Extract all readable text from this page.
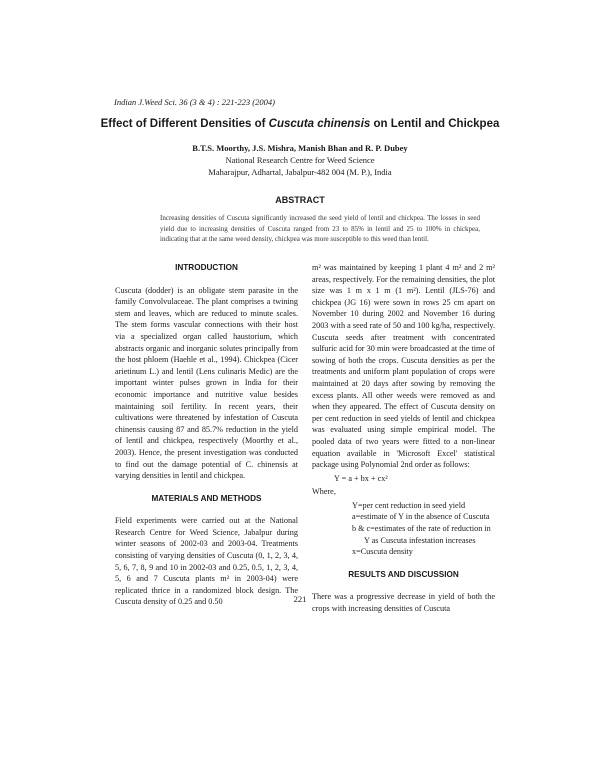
Indian J.Weed Sci. 36 (3 & 4) : 221-223 (2004)
Effect of Different Densities of Cuscuta chinensis on Lentil and Chickpea
B.T.S. Moorthy, J.S. Mishra, Manish Bhan and R. P. Dubey
National Research Centre for Weed Science
Maharajpur, Adhartal, Jabalpur-482 004 (M. P.), India
ABSTRACT
Increasing densities of Cuscuta significantly increased the seed yield of lentil and chickpea. The losses in seed yield due to increasing densities of Cuscuta ranged from 23 to 85% in lentil and 25 to 100% in chickpea, indicating that at the same weed density, chickpea was more susceptible to this weed than lentil.
INTRODUCTION

Cuscuta (dodder) is an obligate stem parasite in the family Convolvulaceae. The plant comprises a twining stem and leaves, which are reduced to minute scales. The stem forms vascular connections with their host via a specialized organ called haustorium, which abstracts organic and inorganic solutes principally from the host phloem (Haehle et al., 1994). Chickpea (Cicer arietinum L.) and lentil (Lens culinaris Medic) are the important winter pulses grown in India for their economic importance and nutritive value besides maintaining soil fertility. In recent years, their cultivations were threatened by infestation of Cuscuta chinensis causing 87 and 85.7% reduction in the yield of lentil and chickpea, respectively (Moorthy et al., 2003). Hence, the present investigation was conducted to find out the damage potential of C. chinensis at varying densities in lentil and chickpea.

MATERIALS AND METHODS

Field experiments were carried out at the National Research Centre for Weed Science, Jabalpur during winter seasons of 2002-03 and 2003-04. Treatments consisting of varying densities of Cuscuta (0, 1, 2, 3, 4, 5, 6, 7, 8, 9 and 10 in 2002-03 and 0.25, 0.5, 1, 2, 3, 4, 5, 6 and 7 Cuscuta plants m² in 2003-04) were replicated thrice in a randomized block design. The Cuscuta density of 0.25 and 0.50

m² was maintained by keeping 1 plant 4 m² and 2 m² areas, respectively. For the remaining densities, the plot size was 1 m x 1 m (1 m²). Lentil (JLS-76) and chickpea (JG 16) were sown in rows 25 cm apart on November 10 during 2002 and November 16 during 2003 with a seed rate of 50 and 100 kg/ha, respectively. Cuscuta seeds after treatment with concentrated sulfuric acid for 30 min were broadcasted at the time of sowing of both the crops. Cuscuta densities as per the treatments and uniform plant population of crops were maintained at 20 days after sowing by removing the excess plants. All other weeds were removed as and when they appeared. The effect of Cuscuta density on per cent reduction in seed yields of lentil and chickpea was evaluated using simple empirical model. The pooled data of two years were fitted to a non-linear equation available in 'Microsoft Excel' statistical package using Polynomial 2nd order as follows:

Y = a + bx + cx²
Where,
Y=per cent reduction in seed yield
a=estimate of Y in the absence of Cuscuta
b & c=estimates of the rate of reduction in
Y as Cuscuta infestation increases
x=Cuscuta density
RESULTS AND DISCUSSION

There was a progressive decrease in yield of both the crops with increasing densities of Cuscuta

221
